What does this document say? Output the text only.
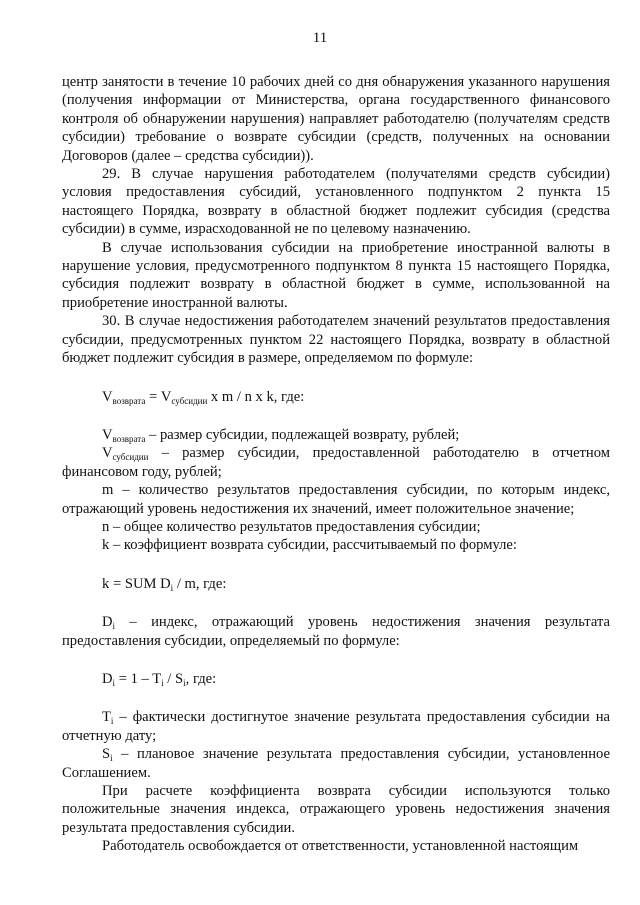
11

центр занятости в течение 10 рабочих дней со дня обнаружения указанного нарушения (получения информации от Министерства, органа государственного финансового контроля об обнаружении нарушения) направляет работодателю (получателям средств субсидии) требование о возврате субсидии (средств, полученных на основании Договоров (далее – средства субсидии)).

29. В случае нарушения работодателем (получателями средств субсидии) условия предоставления субсидий, установленного подпунктом 2 пункта 15 настоящего Порядка, возврату в областной бюджет подлежит субсидия (средства субсидии) в сумме, израсходованной не по целевому назначению.

В случае использования субсидии на приобретение иностранной валюты в нарушение условия, предусмотренного подпунктом 8 пункта 15 настоящего Порядка, субсидия подлежит возврату в областной бюджет в сумме, использованной на приобретение иностранной валюты.

30. В случае недостижения работодателем значений результатов предоставления субсидии, предусмотренных пунктом 22 настоящего Порядка, возврату в областной бюджет подлежит субсидия в размере, определяемом по формуле:

$V_{возврата} = V_{субсидии}$ x m / n x k, где:

$V_{возврата}$ – размер субсидии, подлежащей возврату, рублей;

$V_{субсидии}$ – размер субсидии, предоставленной работодателю в отчетном финансовом году, рублей;

m – количество результатов предоставления субсидии, по которым индекс, отражающий уровень недостижения их значений, имеет положительное значение;

n – общее количество результатов предоставления субсидии;

k – коэффициент возврата субсидии, рассчитываемый по формуле:

k = SUM $D_i$ / m, где:

$D_i$ – индекс, отражающий уровень недостижения значения результата предоставления субсидии, определяемый по формуле:

$D_i = 1 - T_i / S_i$, где:

$T_i$ – фактически достигнутое значение результата предоставления субсидии на отчетную дату;

$S_i$ – плановое значение результата предоставления субсидии, установленное Соглашением.

При расчете коэффициента возврата субсидии используются только положительные значения индекса, отражающего уровень недостижения значения результата предоставления субсидии.

Работодатель освобождается от ответственности, установленной настоящим
